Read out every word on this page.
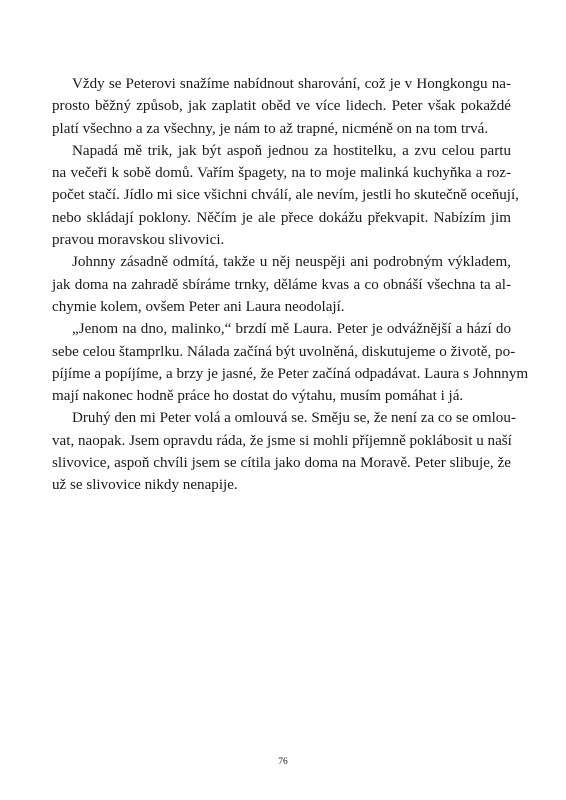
Vždy se Peterovi snažíme nabídnout sharování, což je v Hongkongu na-
prosto běžný způsob, jak zaplatit oběd ve více lidech. Peter však pokaždé
platí všechno a za všechny, je nám to až trapné, nicméně on na tom trvá.
Napadá mě trik, jak být aspoň jednou za hostitelku, a zvu celou partu
na večeři k sobě domů. Vařím špagety, na to moje malinká kuchyňka a roz-
počet stačí. Jídlo mi sice všichni chválí, ale nevím, jestli ho skutečně oceňují,
nebo skládají poklony. Něčím je ale přece dokážu překvapit. Nabízím jim
pravou moravskou slivovici.
Johnny zásadně odmítá, takže u něj neuspěji ani podrobným výkladem,
jak doma na zahradě sbíráme trnky, děláme kvas a co obnáší všechna ta al-
chymie kolem, ovšem Peter ani Laura neodolají.
„Jenom na dno, malinko,“ brzdí mě Laura. Peter je odvážnější a hází do
sebe celou štamprlku. Nálada začíná být uvolněná, diskutujeme o životě, po-
píjíme a popíjíme, a brzy je jasné, že Peter začíná odpadávat. Laura s Johnnym
mají nakonec hodně práce ho dostat do výtahu, musím pomáhat i já.
Druhý den mi Peter volá a omlouvá se. Směju se, že není za co se omlou-
vat, naopak. Jsem opravdu ráda, že jsme si mohli příjemně poklábosit u naší
slivovice, aspoň chvíli jsem se cítila jako doma na Moravě. Peter slibuje, že
už se slivovice nikdy nenapije.
76
